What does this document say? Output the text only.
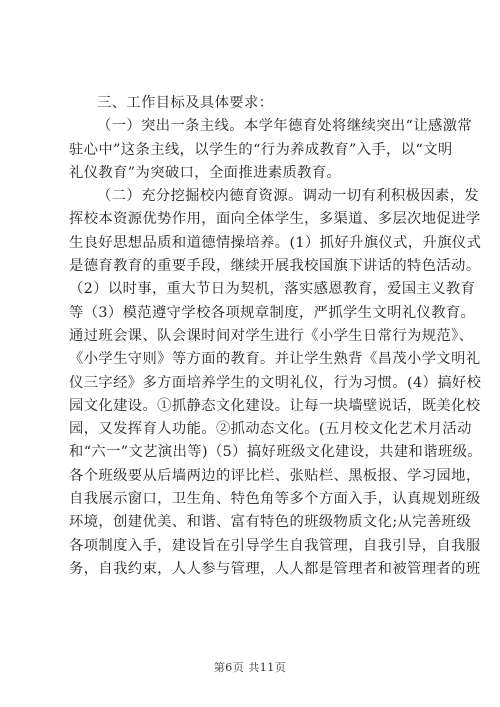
三、工作目标及具体要求：
（一）突出一条主线。本学年德育处将继续突出“让感激常
驻心中”这条主线，以学生的“行为养成教育”入手，以“文明
礼仪教育”为突破口，全面推进素质教育。
（二）充分挖掘校内德育资源。调动一切有利积极因素，发
挥校本资源优势作用，面向全体学生，多渠道、多层次地促进学
生良好思想品质和道德情操培养。(1）抓好升旗仪式，升旗仪式
是德育教育的重要手段，继续开展我校国旗下讲话的特色活动。
（2）以时事，重大节日为契机，落实感恩教育，爱国主义教育
等（3）模范遵守学校各项规章制度，严抓学生文明礼仪教育。
通过班会课、队会课时间对学生进行《小学生日常行为规范》、
《小学生守则》等方面的教育。并让学生熟背《昌茂小学文明礼
仪三字经》多方面培养学生的文明礼仪，行为习惯。(4）搞好校
园文化建设。①抓静态文化建设。让每一块墙壁说话，既美化校
园，又发挥育人功能。②抓动态文化。(五月校文化艺术月活动
和“六一”文艺演出等)（5）搞好班级文化建设，共建和谐班级。
各个班级要从后墙两边的评比栏、张贴栏、黑板报、学习园地，
自我展示窗口，卫生角、特色角等多个方面入手，认真规划班级
环境，创建优美、和谐、富有特色的班级物质文化;从完善班级
各项制度入手，建设旨在引导学生自我管理，自我引导，自我服
务，自我约束，人人参与管理，人人都是管理者和被管理者的班
第6页 共11页
